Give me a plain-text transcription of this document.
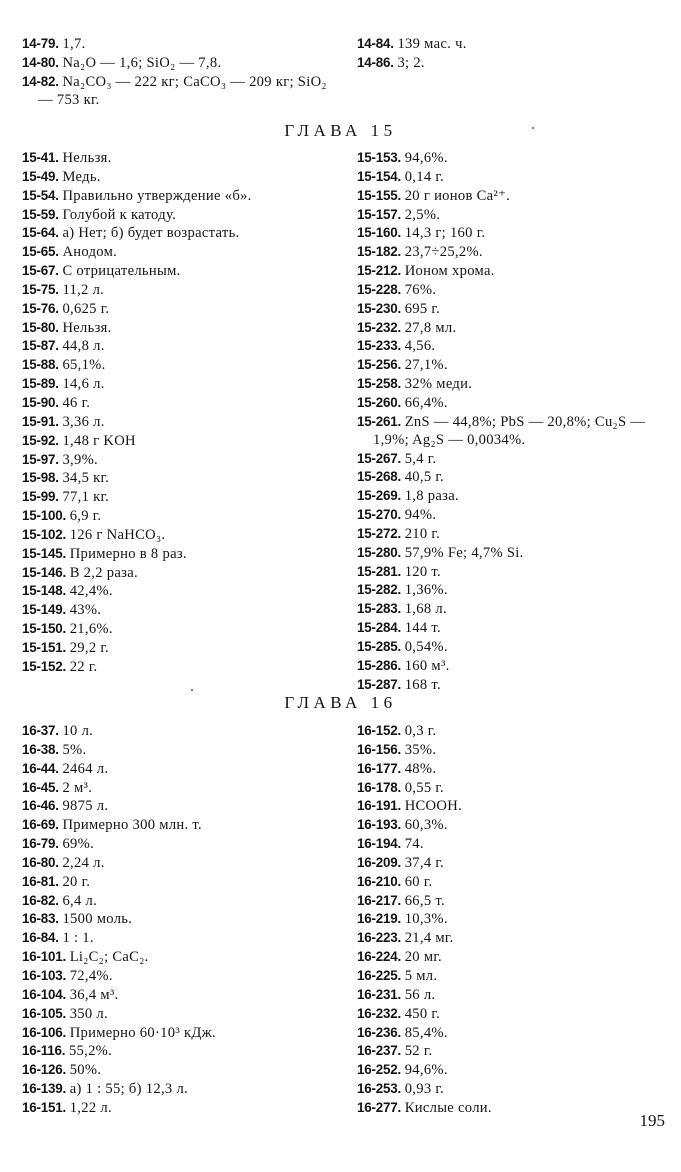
14-79. 1,7.
14-80. Na₂O — 1,6; SiO₂ — 7,8.
14-82. Na₂CO₃ — 222 кг; CaCO₃ — 209 кг; SiO₂ — 753 кг.
14-84. 139 мас. ч.
14-86. 3; 2.
ГЛАВА 15
15-41. Нельзя.
15-49. Медь.
15-54. Правильно утверждение «б».
15-59. Голубой к катоду.
15-64. а) Нет; б) будет возрастать.
15-65. Анодом.
15-67. С отрицательным.
15-75. 11,2 л.
15-76. 0,625 г.
15-80. Нельзя.
15-87. 44,8 л.
15-88. 65,1%.
15-89. 14,6 л.
15-90. 46 г.
15-91. 3,36 л.
15-92. 1,48 г KOH
15-97. 3,9%.
15-98. 34,5 кг.
15-99. 77,1 кг.
15-100. 6,9 г.
15-102. 126 г NaHCO₃.
15-145. Примерно в 8 раз.
15-146. В 2,2 раза.
15-148. 42,4%.
15-149. 43%.
15-150. 21,6%.
15-151. 29,2 г.
15-152. 22 г.
15-153. 94,6%.
15-154. 0,14 г.
15-155. 20 г ионов Ca²⁺.
15-157. 2,5%.
15-160. 14,3 г; 160 г.
15-182. 23,7÷25,2%.
15-212. Ионом хрома.
15-228. 76%.
15-230. 695 г.
15-232. 27,8 мл.
15-233. 4,56.
15-256. 27,1%.
15-258. 32% меди.
15-260. 66,4%.
15-261. ZnS — 44,8%; PbS — 20,8%; Cu₂S — 1,9%; Ag₂S — 0,0034%.
15-267. 5,4 г.
15-268. 40,5 г.
15-269. 1,8 раза.
15-270. 94%.
15-272. 210 г.
15-280. 57,9% Fe; 4,7% Si.
15-281. 120 т.
15-282. 1,36%.
15-283. 1,68 л.
15-284. 144 т.
15-285. 0,54%.
15-286. 160 м³.
15-287. 168 т.
ГЛАВА 16
16-37. 10 л.
16-38. 5%.
16-44. 2464 л.
16-45. 2 м³.
16-46. 9875 л.
16-69. Примерно 300 млн. т.
16-79. 69%.
16-80. 2,24 л.
16-81. 20 г.
16-82. 6,4 л.
16-83. 1500 моль.
16-84. 1 : 1.
16-101. Li₂C₂; CaC₂.
16-103. 72,4%.
16-104. 36,4 м³.
16-105. 350 л.
16-106. Примерно 60·10³ кДж.
16-116. 55,2%.
16-126. 50%.
16-139. а) 1 : 55; б) 12,3 л.
16-151. 1,22 л.
16-152. 0,3 г.
16-156. 35%.
16-177. 48%.
16-178. 0,55 г.
16-191. HCOOH.
16-193. 60,3%.
16-194. 74.
16-209. 37,4 г.
16-210. 60 г.
16-217. 66,5 т.
16-219. 10,3%.
16-223. 21,4 мг.
16-224. 20 мг.
16-225. 5 мл.
16-231. 56 л.
16-232. 450 г.
16-236. 85,4%.
16-237. 52 г.
16-252. 94,6%.
16-253. 0,93 г.
16-277. Кислые соли.
195
